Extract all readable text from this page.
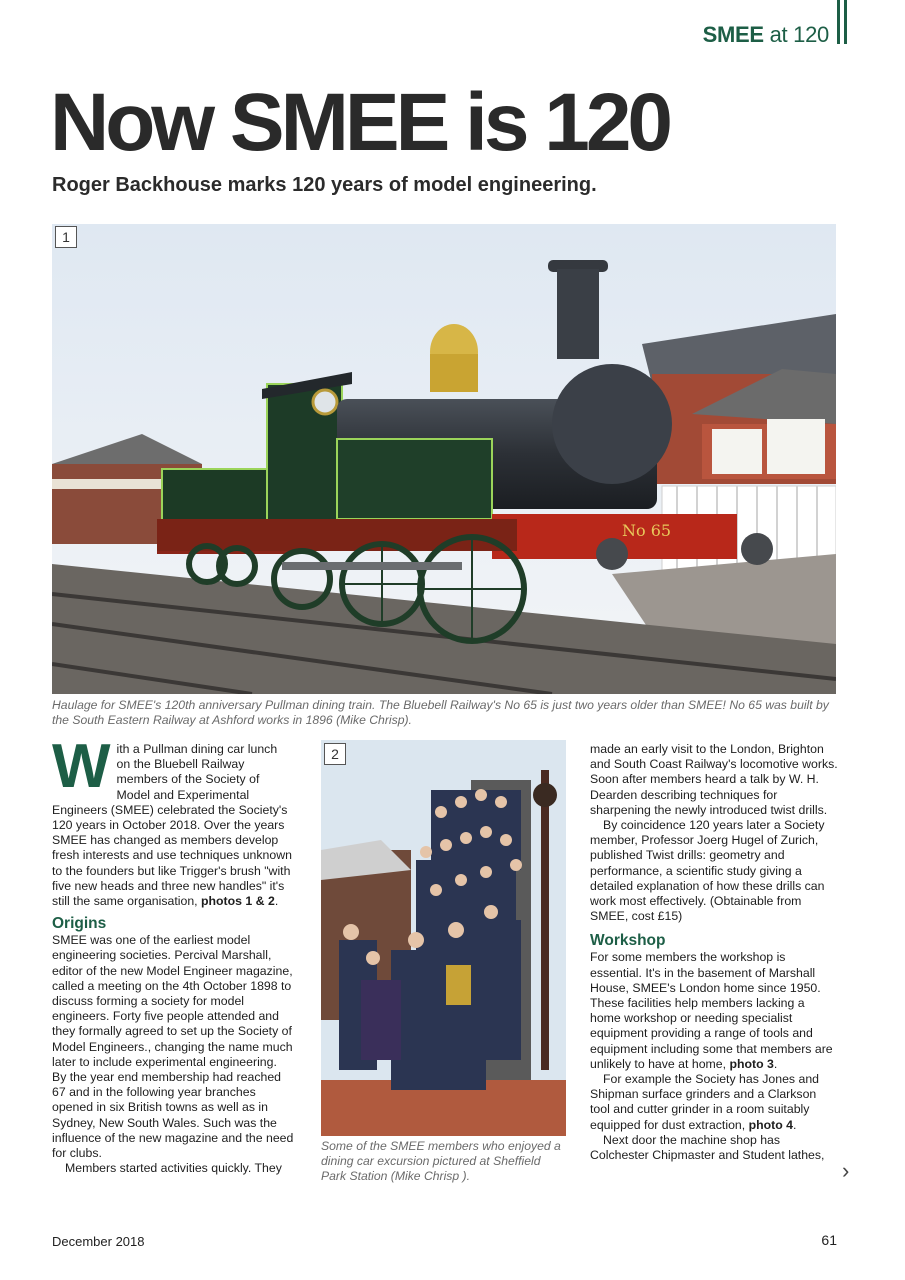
SMEE at 120
Now SMEE is 120

Roger Backhouse marks 120 years of model engineering.

No 65
1
Haulage for SMEE's 120th anniversary Pullman dining train. The Bluebell Railway's No 65 is just two years older than SMEE! No 65 was built by the South Eastern Railway at Ashford works in 1896 (Mike Chrisp).

With a Pullman dining car lunch on the Bluebell Railway members of the Society of Model and Experimental Engineers (SMEE) celebrated the Society's 120 years in October 2018. Over the years SMEE has changed as members develop fresh interests and use techniques unknown to the founders but like Trigger's brush "with five new heads and three new handles" it's still the same organisation, photos 1 & 2.

Origins

SMEE was one of the earliest model engineering societies. Percival Marshall, editor of the new Model Engineer magazine, called a meeting on the 4th October 1898 to discuss forming a society for model engineers. Forty five people attended and they formally agreed to set up the Society of Model Engineers., changing the name much later to include experimental engineering. By the year end membership had reached 67 and in the following year branches opened in six British towns as well as in Sydney, New South Wales. Such was the influence of the new magazine and the need for clubs.

Members started activities quickly. They

2
Some of the SMEE members who enjoyed a dining car excursion pictured at Sheffield Park Station (Mike Chrisp ).

made an early visit to the London, Brighton and South Coast Railway's locomotive works. Soon after members heard a talk by W. H. Dearden describing techniques for sharpening the newly introduced twist drills.

By coincidence 120 years later a Society member, Professor Joerg Hugel of Zurich, published Twist drills: geometry and performance, a scientific study giving a detailed explanation of how these drills can work most effectively. (Obtainable from SMEE, cost £15)

Workshop

For some members the workshop is essential. It's in the basement of Marshall House, SMEE's London home since 1950. These facilities help members lacking a home workshop or needing specialist equipment providing a range of tools and equipment including some that members are unlikely to have at home, photo 3.

For example the Society has Jones and Shipman surface grinders and a Clarkson tool and cutter grinder in a room suitably equipped for dust extraction, photo 4.

Next door the machine shop has Colchester Chipmaster and Student lathes,

›
December 2018	61
